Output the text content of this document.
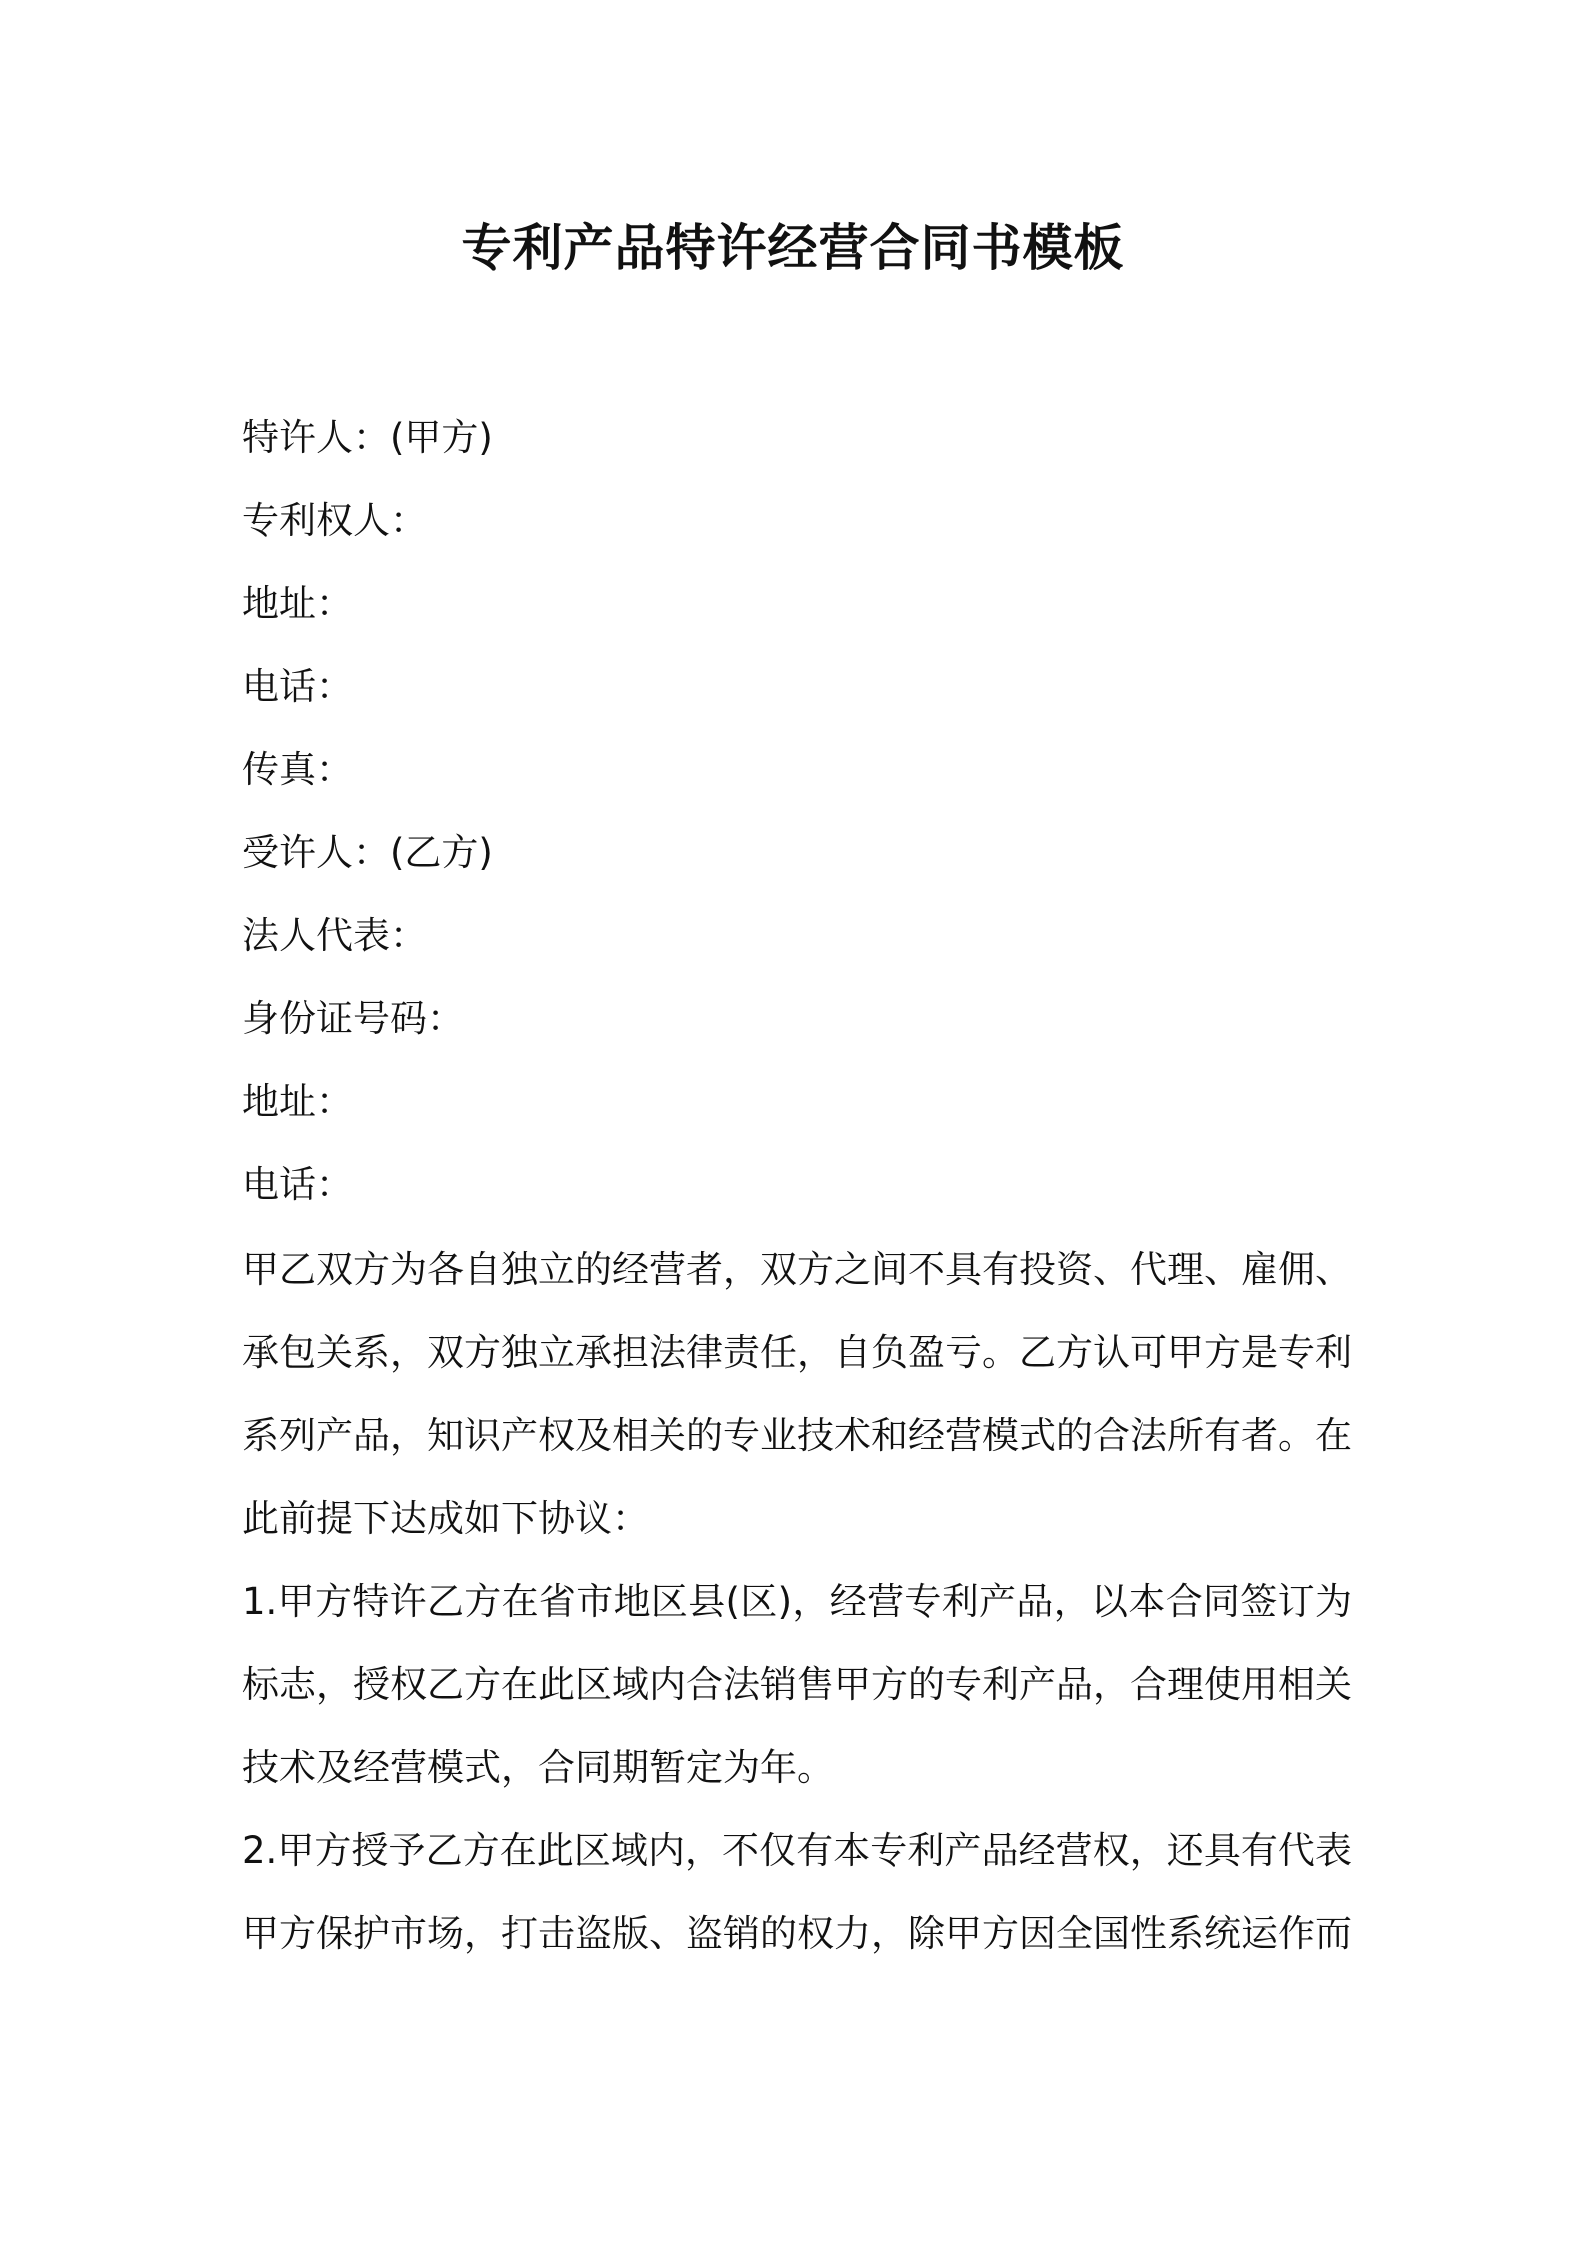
专利产品特许经营合同书模板
特许人：(甲方)
专利权人：
地址：
电话：
传真：
受许人：(乙方)
法人代表：
身份证号码：
地址：
电话：
甲乙双方为各自独立的经营者，双方之间不具有投资、代理、雇佣、承包关系，双方独立承担法律责任，自负盈亏。乙方认可甲方是专利系列产品，知识产权及相关的专业技术和经营模式的合法所有者。在此前提下达成如下协议：
1.甲方特许乙方在省市地区县(区)，经营专利产品，以本合同签订为标志，授权乙方在此区域内合法销售甲方的专利产品，合理使用相关技术及经营模式，合同期暂定为年。
2.甲方授予乙方在此区域内，不仅有本专利产品经营权，还具有代表甲方保护市场，打击盗版、盗销的权力，除甲方因全国性系统运作而
